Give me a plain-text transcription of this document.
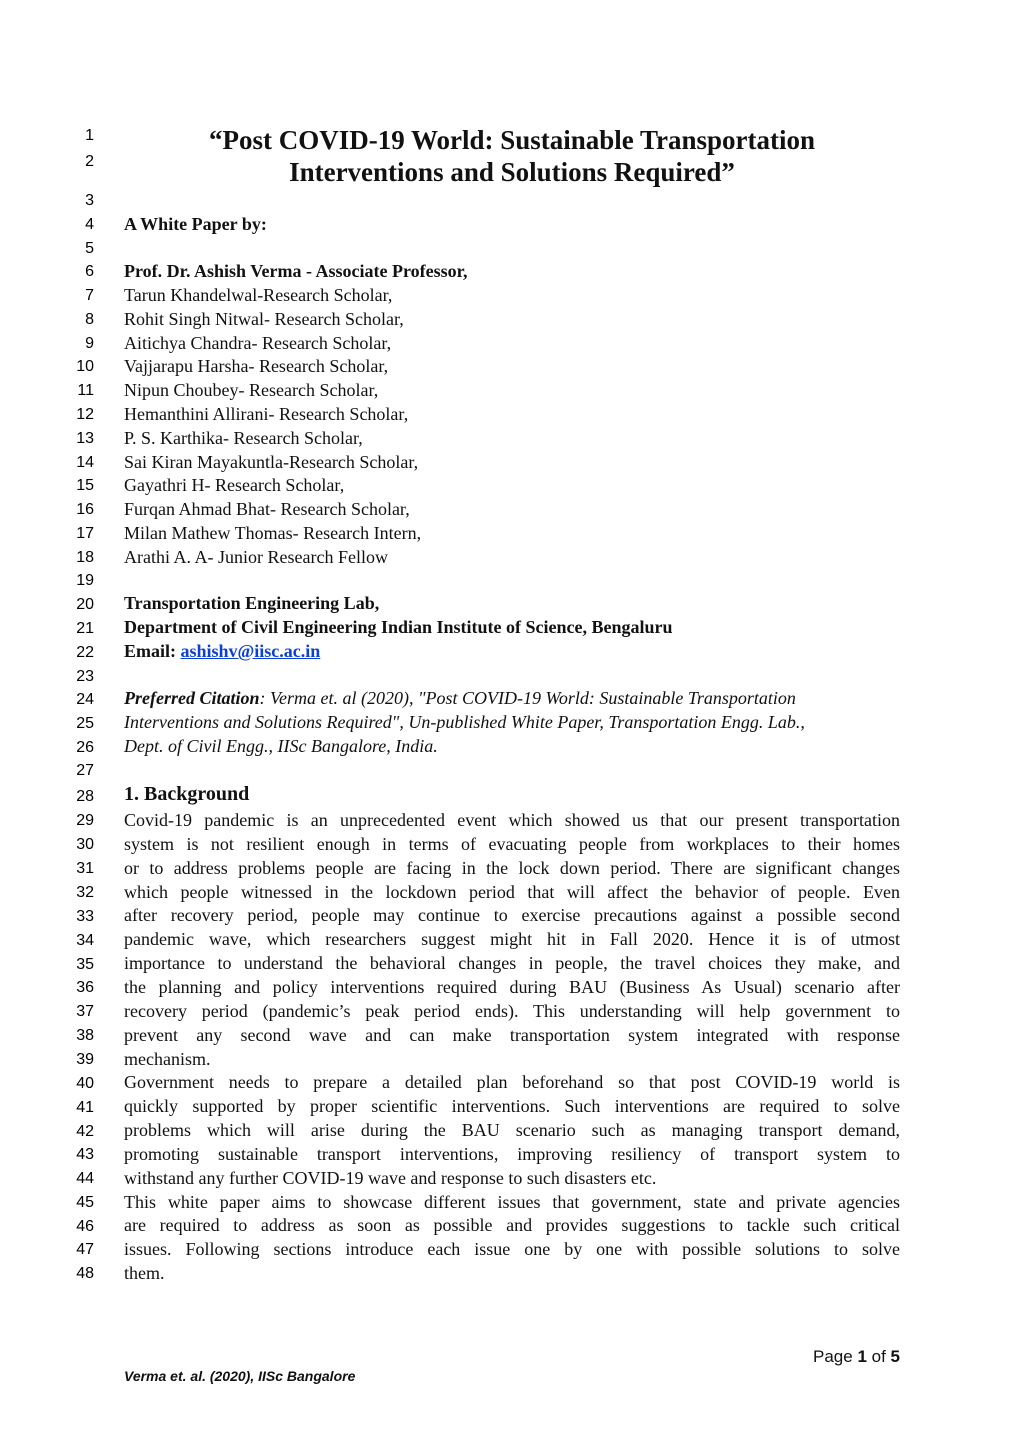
1
2
3
4
5
6
7
8
9
10
11
12
13
14
15
16
17
18
19
20
21
22
23
24
25
26
27
28
29
30
31
32
33
34
35
36
37
38
39
40
41
42
43
44
45
46
47
48
“Post COVID-19 World: Sustainable Transportation
Interventions and Solutions Required”
A White Paper by:
Prof. Dr. Ashish Verma - Associate Professor,
Tarun Khandelwal-Research Scholar,
Rohit Singh Nitwal- Research Scholar,
Aitichya Chandra- Research Scholar,
Vajjarapu Harsha- Research Scholar,
Nipun Choubey- Research Scholar,
Hemanthini Allirani- Research Scholar,
P. S. Karthika- Research Scholar,
Sai Kiran Mayakuntla-Research Scholar,
Gayathri H- Research Scholar,
Furqan Ahmad Bhat- Research Scholar,
Milan Mathew Thomas- Research Intern,
Arathi A. A- Junior Research Fellow
Transportation Engineering Lab,
Department of Civil Engineering Indian Institute of Science, Bengaluru
Email: ashishv@iisc.ac.in
Preferred Citation: Verma et. al (2020), "Post COVID-19 World: Sustainable Transportation
Interventions and Solutions Required", Un-published White Paper, Transportation Engg. Lab.,
Dept. of Civil Engg., IISc Bangalore, India.
1. Background
Covid-19 pandemic is an unprecedented event which showed us that our present transportation
system is not resilient enough in terms of evacuating people from workplaces to their homes
or to address problems people are facing in the lock down period. There are significant changes
which people witnessed in the lockdown period that will affect the behavior of people. Even
after recovery period, people may continue to exercise precautions against a possible second
pandemic wave, which researchers suggest might hit in Fall 2020. Hence it is of utmost
importance to understand the behavioral changes in people, the travel choices they make, and
the planning and policy interventions required during BAU (Business As Usual) scenario after
recovery period (pandemic’s peak period ends). This understanding will help government to
prevent any second wave and can make transportation system integrated with response
mechanism.
Government needs to prepare a detailed plan beforehand so that post COVID-19 world is
quickly supported by proper scientific interventions. Such interventions are required to solve
problems which will arise during the BAU scenario such as managing transport demand,
promoting sustainable transport interventions, improving resiliency of transport system to
withstand any further COVID-19 wave and response to such disasters etc.
This white paper aims to showcase different issues that government, state and private agencies
are required to address as soon as possible and provides suggestions to tackle such critical
issues. Following sections introduce each issue one by one with possible solutions to solve
them.
Page 1 of 5
Verma et. al. (2020), IISc Bangalore
